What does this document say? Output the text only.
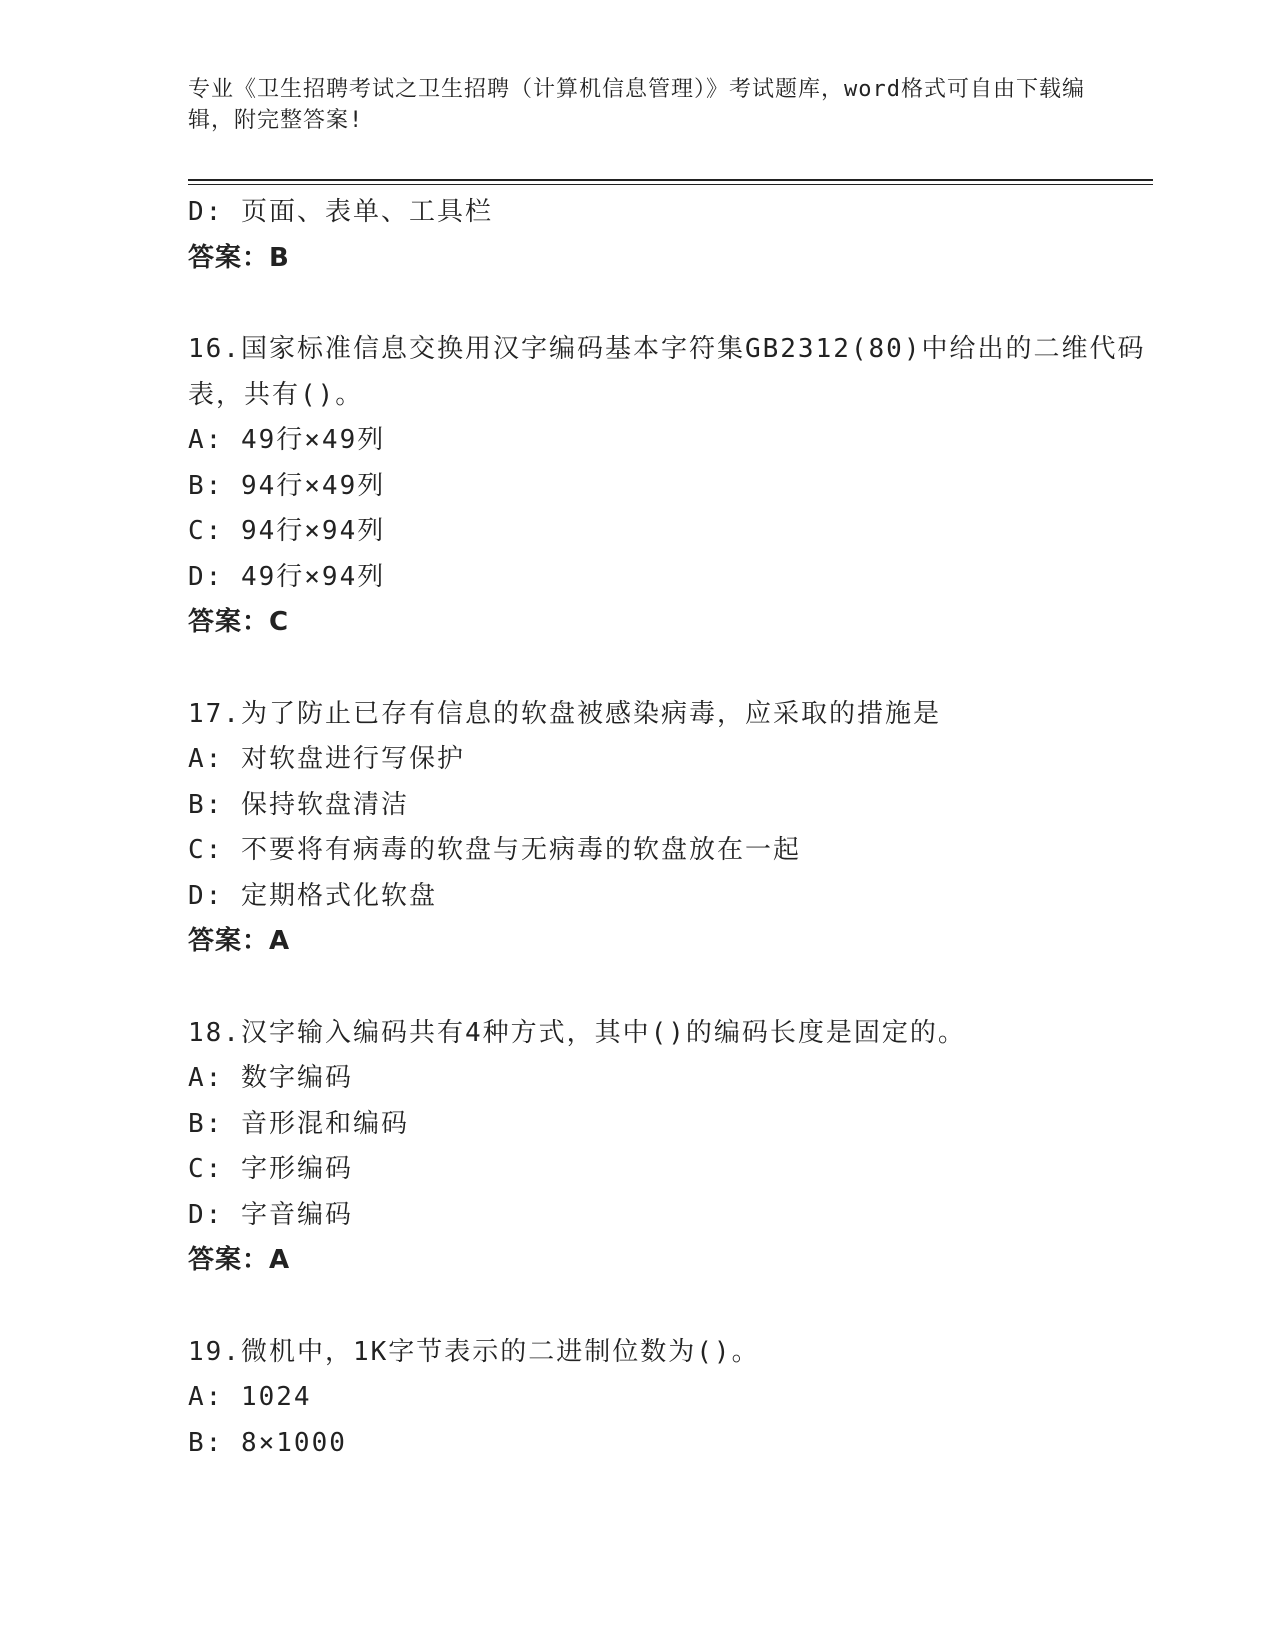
专业《卫生招聘考试之卫生招聘（计算机信息管理）》考试题库，word格式可自由下载编辑，附完整答案!
D: 页面、表单、工具栏
答案：B
16.国家标准信息交换用汉字编码基本字符集GB2312(80)中给出的二维代码表，共有()。
A: 49行×49列
B: 94行×49列
C: 94行×94列
D: 49行×94列
答案：C
17.为了防止已存有信息的软盘被感染病毒，应采取的措施是
A: 对软盘进行写保护
B: 保持软盘清洁
C: 不要将有病毒的软盘与无病毒的软盘放在一起
D: 定期格式化软盘
答案：A
18.汉字输入编码共有4种方式，其中()的编码长度是固定的。
A: 数字编码
B: 音形混和编码
C: 字形编码
D: 字音编码
答案：A
19.微机中，1K字节表示的二进制位数为()。
A: 1024
B: 8×1000
